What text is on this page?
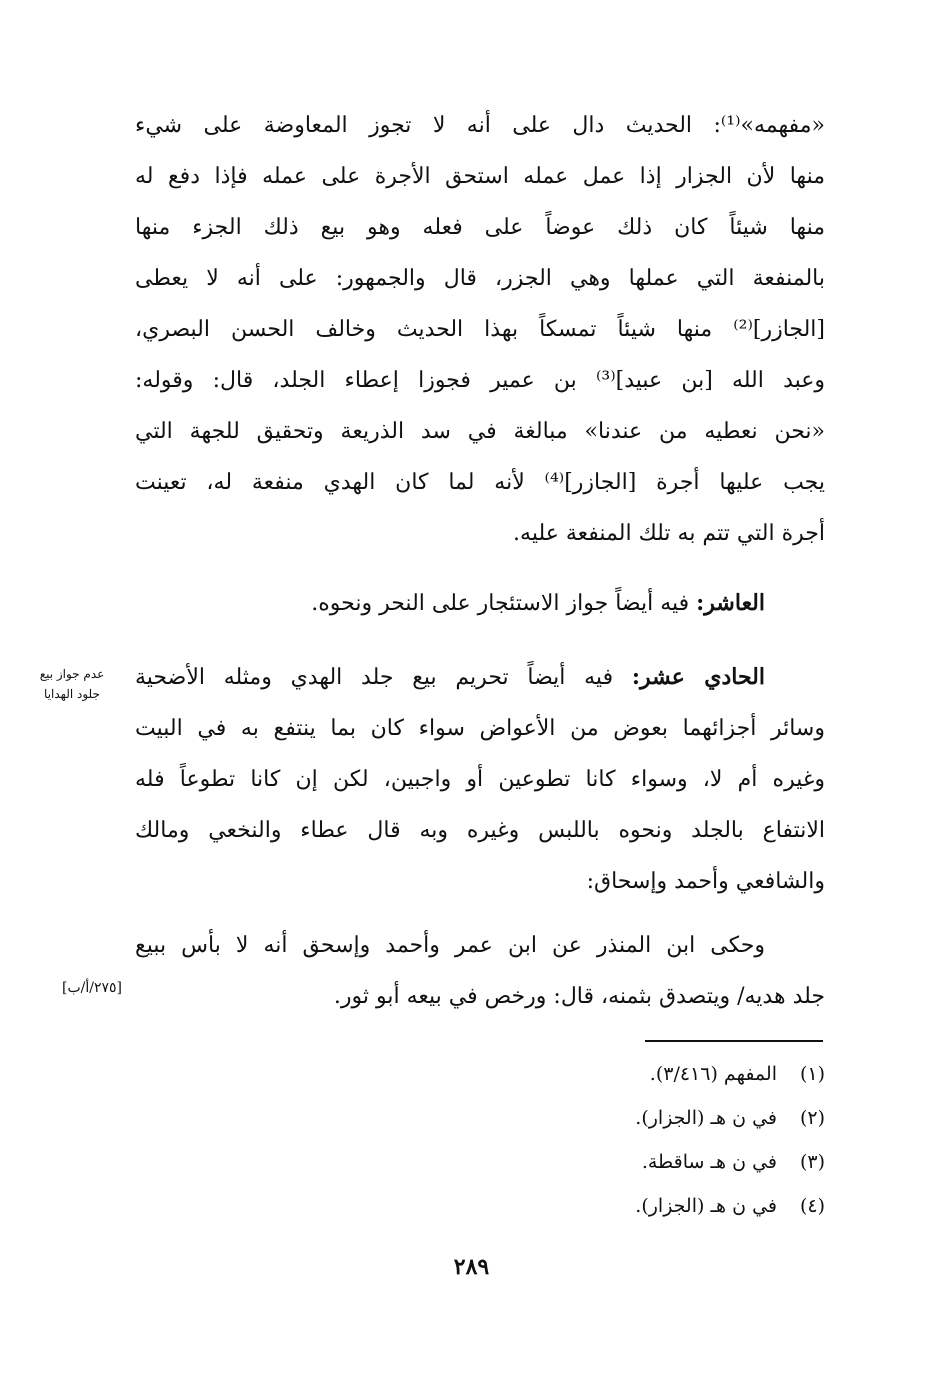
«مفهمه»⁽¹⁾: الحديث دال على أنه لا تجوز المعاوضة على شيء
منها لأن الجزار إذا عمل عمله استحق الأجرة على عمله فإذا دفع له
منها شيئاً كان ذلك عوضاً على فعله وهو بيع ذلك الجزء منها
بالمنفعة التي عملها وهي الجزر، قال والجمهور: على أنه لا يعطى
[الجازر]⁽²⁾ منها شيئاً تمسكاً بهذا الحديث وخالف الحسن البصري،
وعبد الله [بن عبيد]⁽³⁾ بن عمير فجوزا إعطاء الجلد، قال: وقوله:
«نحن نعطيه من عندنا» مبالغة في سد الذريعة وتحقيق للجهة التي
يجب عليها أجرة [الجازر]⁽⁴⁾ لأنه لما كان الهدي منفعة له، تعينت
أجرة التي تتم به تلك المنفعة عليه.
العاشر: فيه أيضاً جواز الاستئجار على النحر ونحوه.
الحادي عشر: فيه أيضاً تحريم بيع جلد الهدي ومثله الأضحية
وسائر أجزائهما بعوض من الأعواض سواء كان بما ينتفع به في البيت
وغيره أم لا، وسواء كانا تطوعين أو واجبين، لكن إن كانا تطوعاً فله
الانتفاع بالجلد ونحوه باللبس وغيره وبه قال عطاء والنخعي ومالك
والشافعي وأحمد وإسحاق:
وحكى ابن المنذر عن ابن عمر وأحمد وإسحق أنه لا بأس ببيع
جلد هديه/ ويتصدق بثمنه، قال: ورخص في بيعه أبو ثور.
عدم جواز بيع
جلود الهدايا
[٢٧٥/أ/ب]
(١)المفهم (٣/٤١٦).
(٢)في ن هـ (الجزار).
(٣)في ن هـ ساقطة.
(٤)في ن هـ (الجزار).
٢٨٩
